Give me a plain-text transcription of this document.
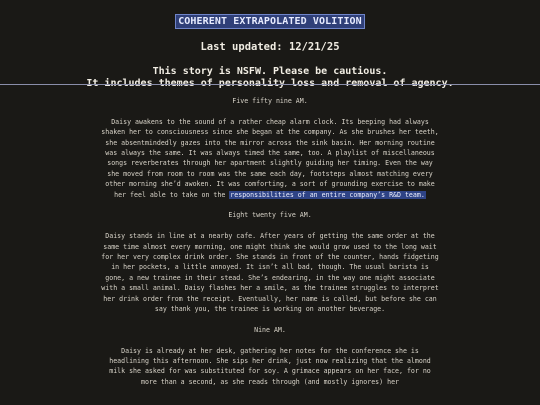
COHERENT EXTRAPOLATED VOLITION
Last updated: 12/21/25
This story is NSFW. Please be cautious.

Five fifty nine AM.

Daisy awakens to the sound of a rather cheap alarm clock. Its beeping had always shaken her to consciousness since she began at the company. As she brushes her teeth, she absentmindedly gazes into the mirror across the sink basin. Her morning routine was always the same. It was always timed the same, too. A playlist of miscellaneous songs reverberates through her apartment slightly guiding her timing. Even the way she moved from room to room was the same each day, footsteps almost matching every other morning she’d awoken. It was comforting, a sort of grounding exercise to make her feel able to take on the responsibilities of an entire company’s R&D team.

Eight twenty five AM.

Daisy stands in line at a nearby cafe. After years of getting the same order at the same time almost every morning, one might think she would grow used to the long wait for her very complex drink order. She stands in front of the counter, hands fidgeting in her pockets, a little annoyed. It isn’t all bad, though. The usual barista is gone, a new trainee in their stead. She’s endearing, in the way one might associate with a small animal. Daisy flashes her a smile, as the trainee struggles to interpret her drink order from the receipt. Eventually, her name is called, but before she can say thank you, the trainee is working on another beverage.

Nine AM.

Daisy is already at her desk, gathering her notes for the conference she is headlining this afternoon. She sips her drink, just now realizing that the almond milk she asked for was substituted for soy. A grimace appears on her face, for no more than a second, as she reads through (and mostly ignores) her
